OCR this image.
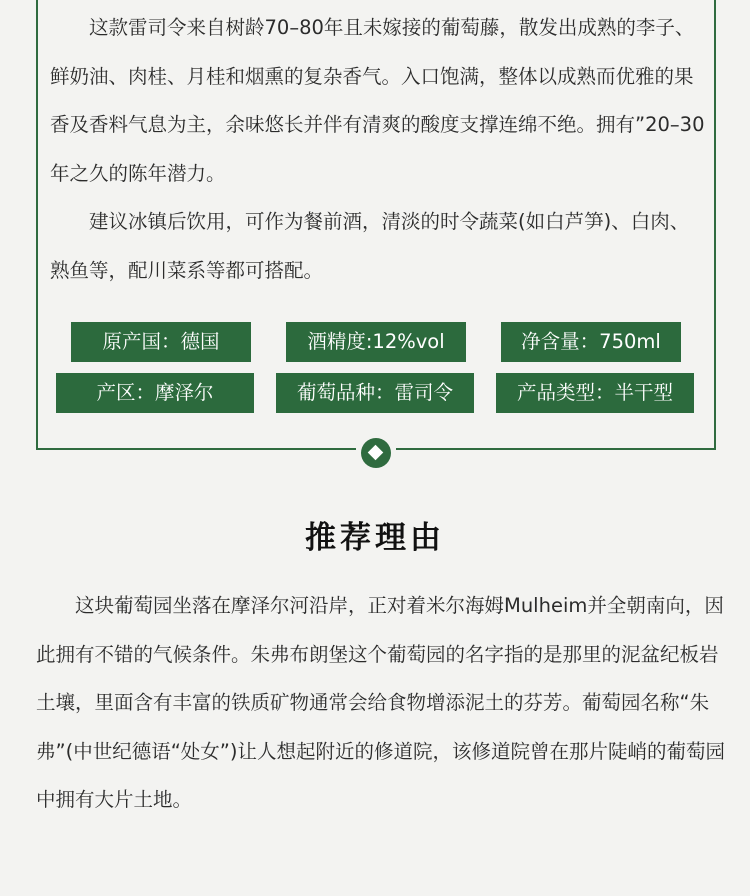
这款雷司令来自树龄70–80年且未嫁接的葡萄藤，散发出成熟的李子、鲜奶油、肉桂、月桂和烟熏的复杂香气。入口饱满，整体以成熟而优雅的果香及香料气息为主，余味悠长并伴有清爽的酸度支撑连绵不绝。拥有”20–30年之久的陈年潜力。

建议冰镇后饮用，可作为餐前酒，清淡的时令蔬菜(如白芦笋)、白肉、熟鱼等，配川菜系等都可搭配。

原产国：德国	酒精度:12%vol	净含量：750ml
产区：摩泽尔	葡萄品种：雷司令	产品类型：半干型
推荐理由

这块葡萄园坐落在摩泽尔河沿岸，正对着米尔海姆Mulheim并全朝南向，因此拥有不错的气候条件。朱弗布朗堡这个葡萄园的名字指的是那里的泥盆纪板岩土壤，里面含有丰富的铁质矿物通常会给食物增添泥土的芬芳。葡萄园名称“朱弗”(中世纪德语“处女”)让人想起附近的修道院，该修道院曾在那片陡峭的葡萄园中拥有大片土地。
